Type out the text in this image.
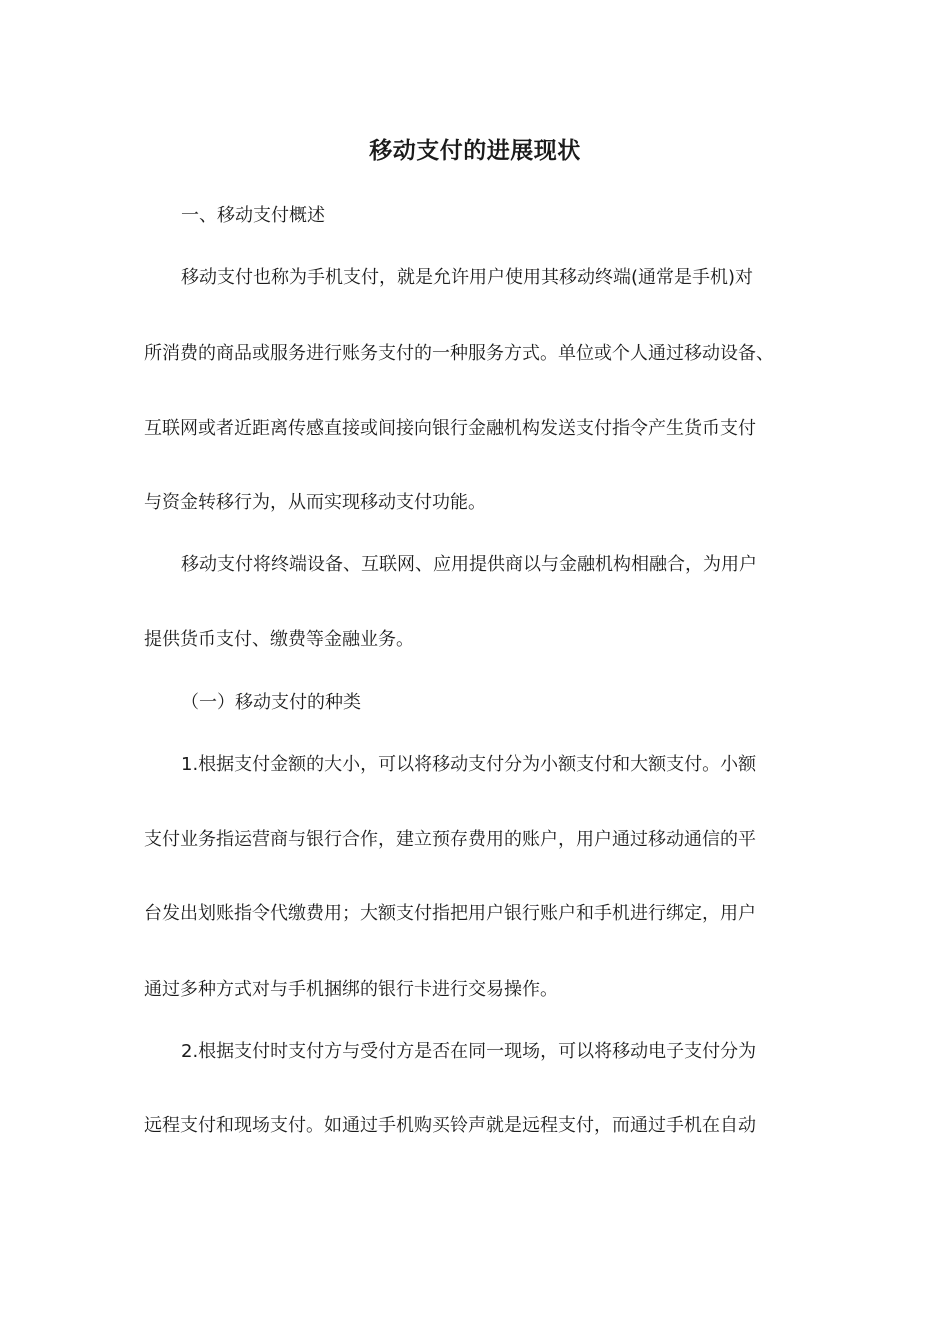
移动支付的进展现状
一、移动支付概述
移动支付也称为手机支付，就是允许用户使用其移动终端(通常是手机)对
所消费的商品或服务进行账务支付的一种服务方式。单位或个人通过移动设备、
互联网或者近距离传感直接或间接向银行金融机构发送支付指令产生货币支付
与资金转移行为，从而实现移动支付功能。
移动支付将终端设备、互联网、应用提供商以与金融机构相融合，为用户
提供货币支付、缴费等金融业务。
（一）移动支付的种类
1.根据支付金额的大小，可以将移动支付分为小额支付和大额支付。小额
支付业务指运营商与银行合作，建立预存费用的账户，用户通过移动通信的平
台发出划账指令代缴费用；大额支付指把用户银行账户和手机进行绑定，用户
通过多种方式对与手机捆绑的银行卡进行交易操作。
2.根据支付时支付方与受付方是否在同一现场，可以将移动电子支付分为
远程支付和现场支付。如通过手机购买铃声就是远程支付，而通过手机在自动
